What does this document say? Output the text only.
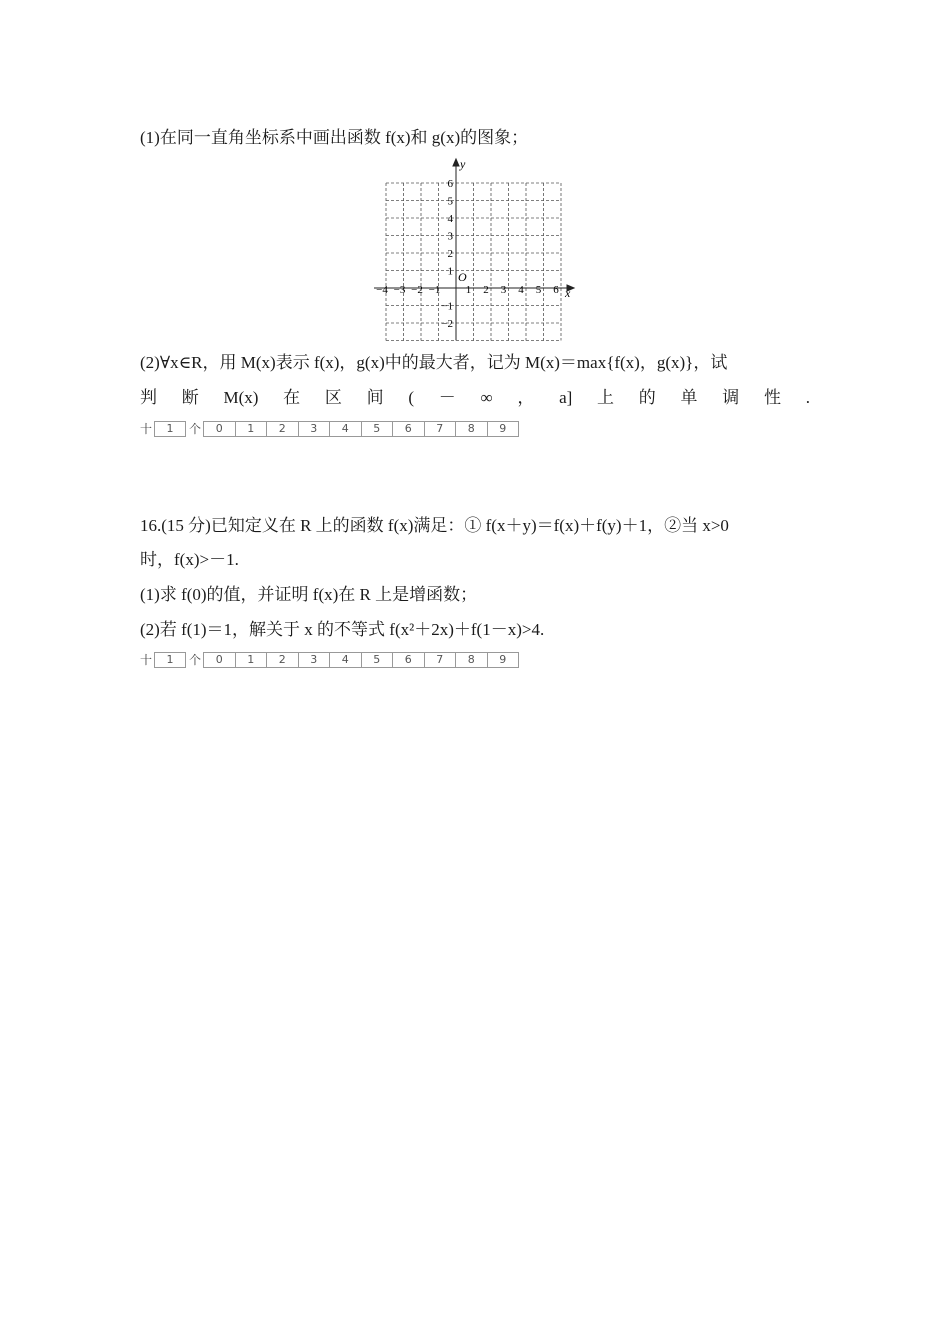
(1)在同一直角坐标系中画出函数 f(x)和 g(x)的图象；
x
y
O
−4 −3 −2 −1 1 2 3 4 5 6
6
5
4
3
2
1
−1
−2
(2)∀x∈R，用 M(x)表示 f(x)，g(x)中的最大者，记为 M(x)＝max{f(x)，g(x)}，试
判 断 M(x) 在 区 间 ( － ∞ ， a] 上 的 单 调 性 .
十	1	个	0	1	2	3	4	5	6	7	8	9
16.(15 分)已知定义在 R 上的函数 f(x)满足：① f(x＋y)＝f(x)＋f(y)＋1，②当 x>0
时，f(x)>－1.
(1)求 f(0)的值，并证明 f(x)在 R 上是增函数；
(2)若 f(1)＝1，解关于 x 的不等式 f(x²＋2x)＋f(1－x)>4.
十	1	个	0	1	2	3	4	5	6	7	8	9
